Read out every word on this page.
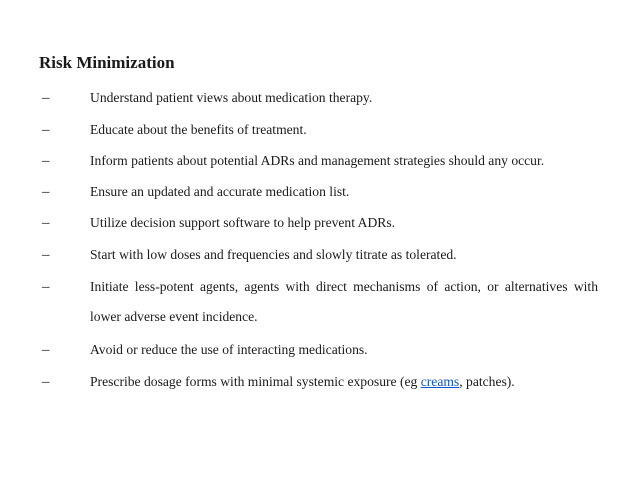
Risk Minimization
–	Understand patient views about medication therapy.
–	Educate about the benefits of treatment.
–	Inform patients about potential ADRs and management strategies should any occur.
–	Ensure an updated and accurate medication list.
–	Utilize decision support software to help prevent ADRs.
–	Start with low doses and frequencies and slowly titrate as tolerated.
–	Initiate less-potent agents, agents with direct mechanisms of action, or alternatives with
lower adverse event incidence.
–	Avoid or reduce the use of interacting medications.
–	Prescribe dosage forms with minimal systemic exposure (eg creams, patches).
